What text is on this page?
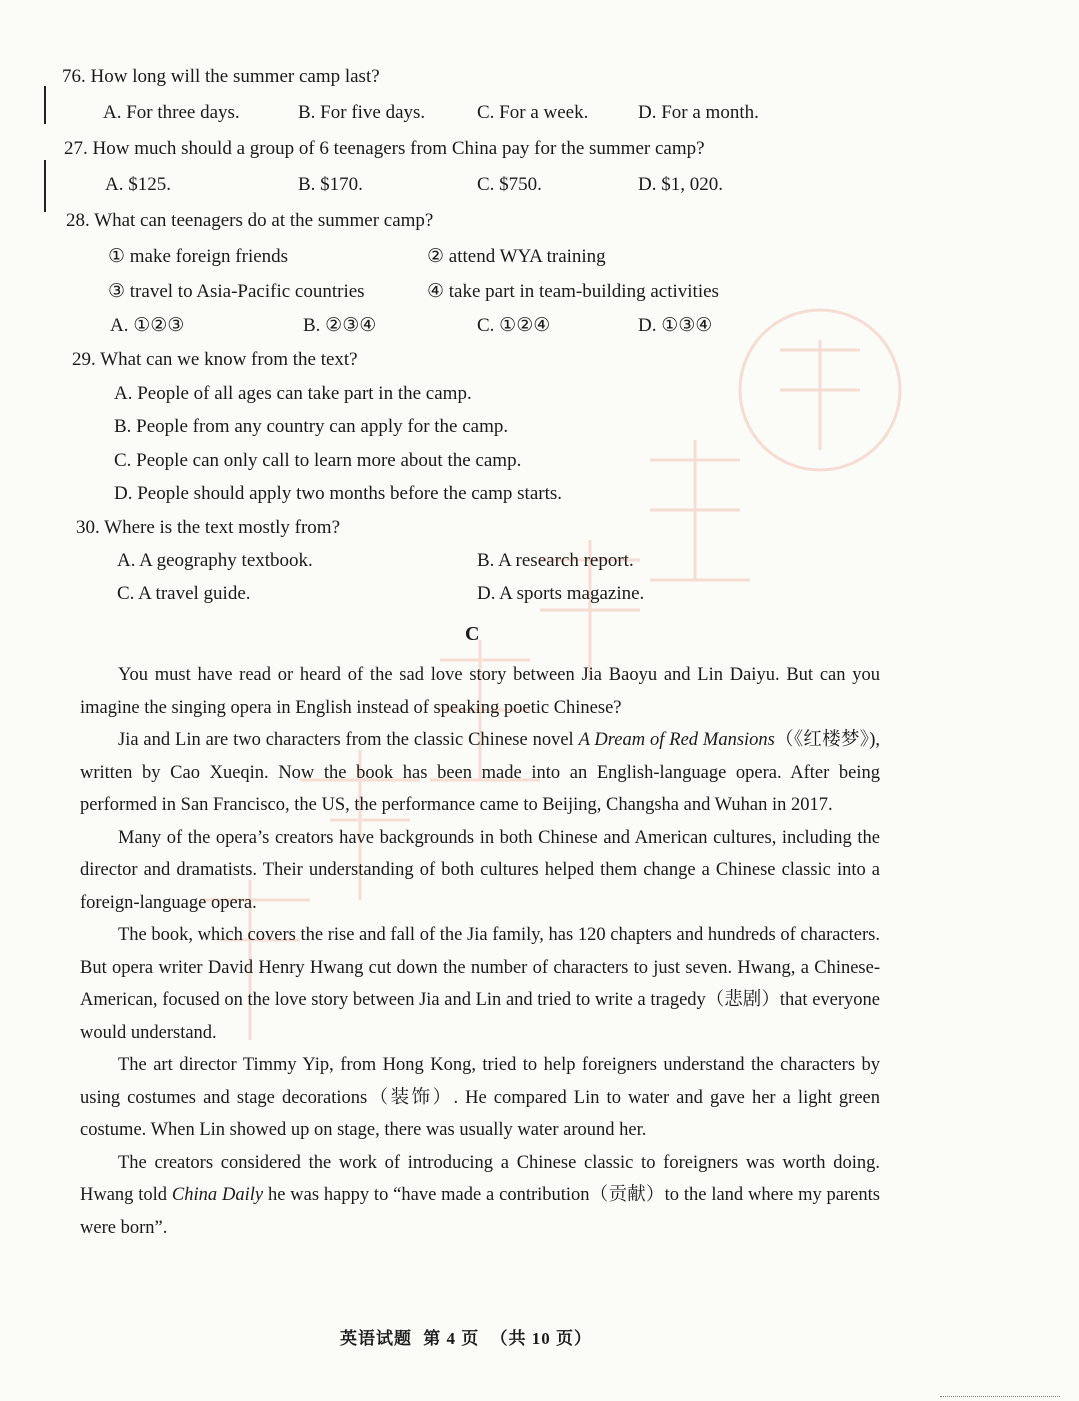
76. How long will the summer camp last?
A. For three days.	B. For five days.	C. For a week.	D. For a month.
27. How much should a group of 6 teenagers from China pay for the summer camp?
A. $125.	B. $170.	C. $750.	D. $1, 020.
28. What can teenagers do at the summer camp?
① make foreign friends	② attend WYA training
③ travel to Asia-Pacific countries	④ take part in team-building activities
A. ①②③	B. ②③④	C. ①②④	D. ①③④
29. What can we know from the text?
A. People of all ages can take part in the camp.
B. People from any country can apply for the camp.
C. People can only call to learn more about the camp.
D. People should apply two months before the camp starts.
30. Where is the text mostly from?
A. A geography textbook.	B. A research report.
C. A travel guide.	D. A sports magazine.
C

You must have read or heard of the sad love story between Jia Baoyu and Lin Daiyu. But can you imagine the singing opera in English instead of speaking poetic Chinese?

Jia and Lin are two characters from the classic Chinese novel A Dream of Red Mansions（《红楼梦》), written by Cao Xueqin. Now the book has been made into an English-language opera. After being performed in San Francisco, the US, the performance came to Beijing, Changsha and Wuhan in 2017.

Many of the opera’s creators have backgrounds in both Chinese and American cultures, including the director and dramatists. Their understanding of both cultures helped them change a Chinese classic into a foreign-language opera.

The book, which covers the rise and fall of the Jia family, has 120 chapters and hundreds of characters. But opera writer David Henry Hwang cut down the number of characters to just seven. Hwang, a Chinese-American, focused on the love story between Jia and Lin and tried to write a tragedy（悲剧）that everyone would understand.

The art director Timmy Yip, from Hong Kong, tried to help foreigners understand the characters by using costumes and stage decorations（装饰）. He compared Lin to water and gave her a light green costume. When Lin showed up on stage, there was usually water around her.

The creators considered the work of introducing a Chinese classic to foreigners was worth doing. Hwang told China Daily he was happy to “have made a contribution（贡献）to the land where my parents were born”.

英语试题 第 4 页 （共 10 页）
